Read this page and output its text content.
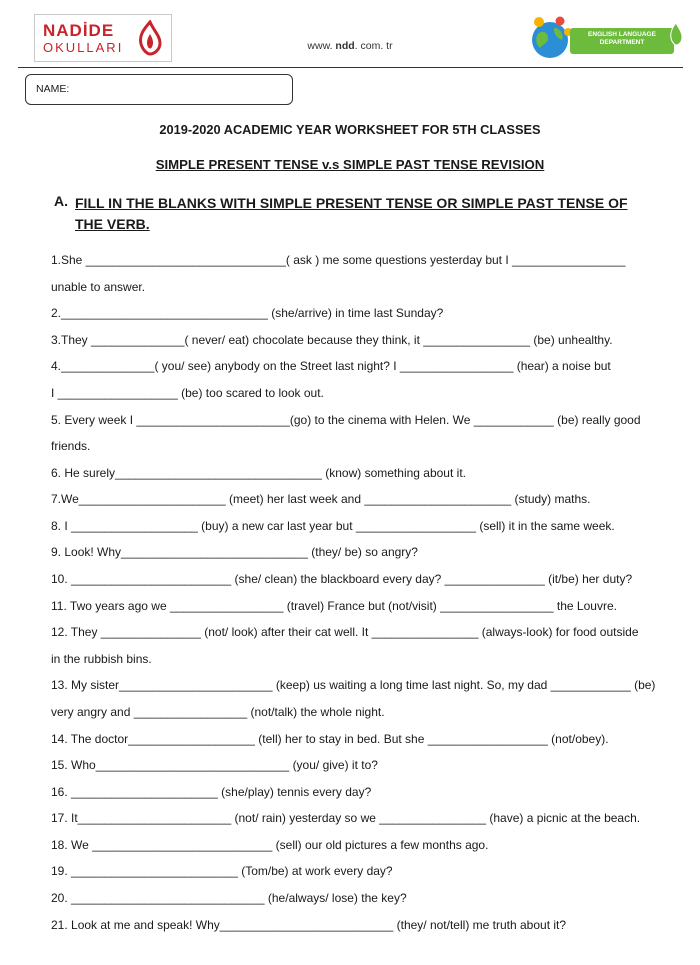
NADİDE
OKULLARI	www. ndd. com. tr
ENGLISH LANGUAGE
DEPARTMENT
NAME:
2019-2020 ACADEMIC YEAR WORKSHEET FOR 5TH CLASSES
SIMPLE PRESENT TENSE v.s SIMPLE PAST TENSE REVISION
A. FILL IN THE BLANKS WITH SIMPLE PRESENT TENSE OR SIMPLE PAST TENSE OF THE VERB.
1.She ______________________________( ask ) me some questions yesterday but I _________________
unable to answer.
2._______________________________ (she/arrive) in time last Sunday?
3.They ______________( never/ eat) chocolate because they think, it ________________ (be) unhealthy.
4.______________( you/ see) anybody on the Street last night? I _________________ (hear) a noise but
I __________________ (be) too scared to look out.
5. Every week I _______________________(go) to the cinema with Helen. We ____________ (be) really good
friends.
6. He surely_______________________________ (know) something about it.
7.We______________________ (meet) her last week and ______________________ (study) maths.
8. I ___________________ (buy) a new car last year but __________________ (sell) it in the same week.
9. Look! Why____________________________ (they/ be) so angry?
10. ________________________ (she/ clean) the blackboard every day? _______________ (it/be) her duty?
11. Two years ago we _________________ (travel) France but (not/visit) _________________ the Louvre.
12. They _______________ (not/ look) after their cat well. It ________________ (always-look) for food outside
in the rubbish bins.
13. My sister_______________________ (keep) us waiting a long time last night. So, my dad ____________ (be)
very angry and _________________ (not/talk) the whole night.
14. The doctor___________________ (tell) her to stay in bed. But she __________________ (not/obey).
15. Who_____________________________ (you/ give) it to?
16. ______________________ (she/play) tennis every day?
17. It_______________________ (not/ rain) yesterday so we ________________ (have) a picnic at the beach.
18. We ___________________________ (sell) our old pictures a few months ago.
19. _________________________ (Tom/be) at work every day?
20. _____________________________ (he/always/ lose) the key?
21. Look at me and speak! Why__________________________ (they/ not/tell) me truth about it?
